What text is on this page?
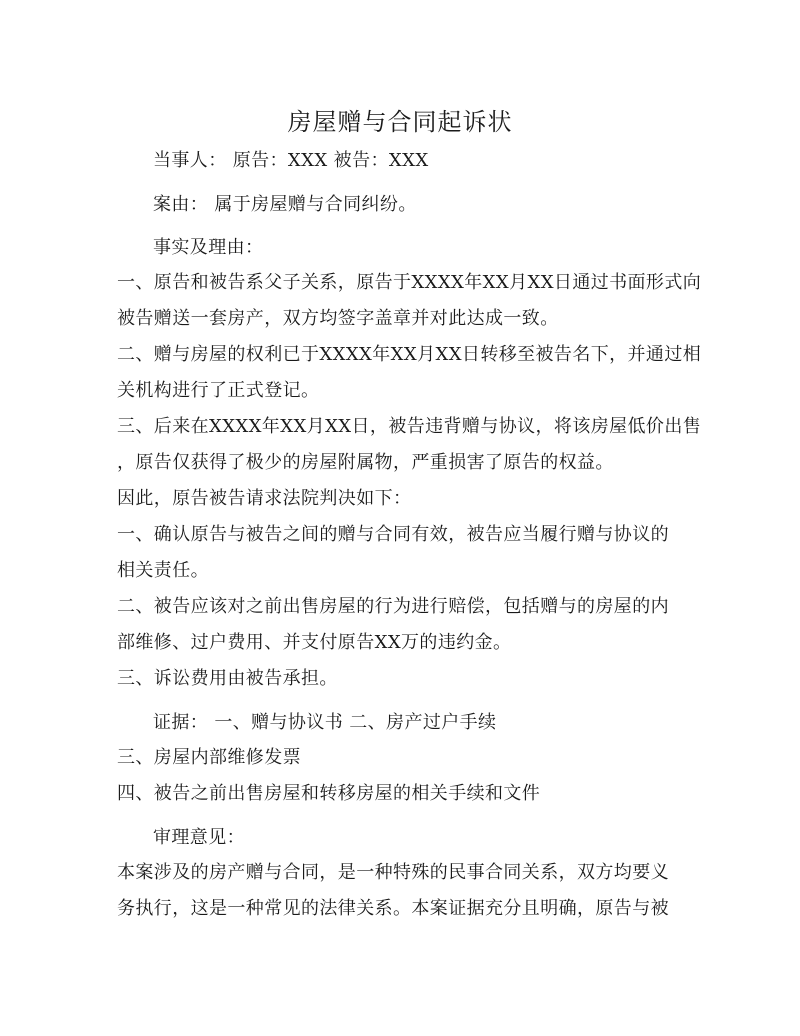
房屋赠与合同起诉状
当事人： 原告：XXX 被告：XXX
案由： 属于房屋赠与合同纠纷。
事实及理由：
一、原告和被告系父子关系，原告于XXXX年XX月XX日通过书面形式向
被告赠送一套房产，双方均签字盖章并对此达成一致。
二、赠与房屋的权利已于XXXX年XX月XX日转移至被告名下，并通过相
关机构进行了正式登记。
三、后来在XXXX年XX月XX日，被告违背赠与协议，将该房屋低价出售
，原告仅获得了极少的房屋附属物，严重损害了原告的权益。
因此，原告被告请求法院判决如下：
一、确认原告与被告之间的赠与合同有效，被告应当履行赠与协议的
相关责任。
二、被告应该对之前出售房屋的行为进行赔偿，包括赠与的房屋的内
部维修、过户费用、并支付原告XX万的违约金。
三、诉讼费用由被告承担。
证据： 一、赠与协议书 二、房产过户手续
三、房屋内部维修发票
四、被告之前出售房屋和转移房屋的相关手续和文件
审理意见：
本案涉及的房产赠与合同，是一种特殊的民事合同关系，双方均要义
务执行，这是一种常见的法律关系。本案证据充分且明确，原告与被
